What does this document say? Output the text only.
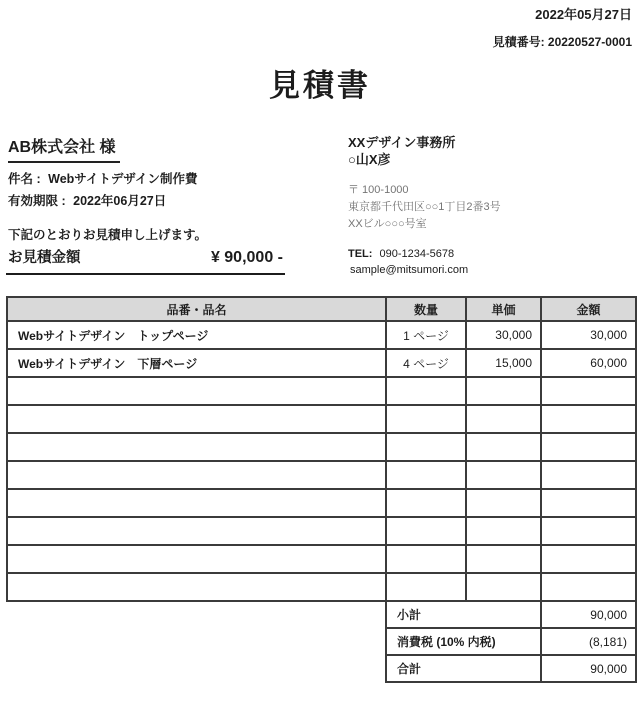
2022年05月27日
見積番号: 20220527-0001
見積書
AB株式会社 様	XXデザイン事務所
○山X彦
〒 100-1000
東京都千代田区○○1丁目2番3号
XXビル○○○号室
TEL: 090-1234-5678
sample@mitsumori.com
件名 : Webサイトデザイン制作費
有効期限 : 2022年06月27日
下記のとおりお見積申し上げます。
お見積金額	¥ 90,000 -
品番・品名	数量	単価	金額
Webサイトデザイン　トップページ	1 ページ	30,000	30,000
Webサイトデザイン　下層ページ	4 ページ	15,000	60,000

小計	90,000
消費税 (10% 内税)	(8,181)
合計	90,000
